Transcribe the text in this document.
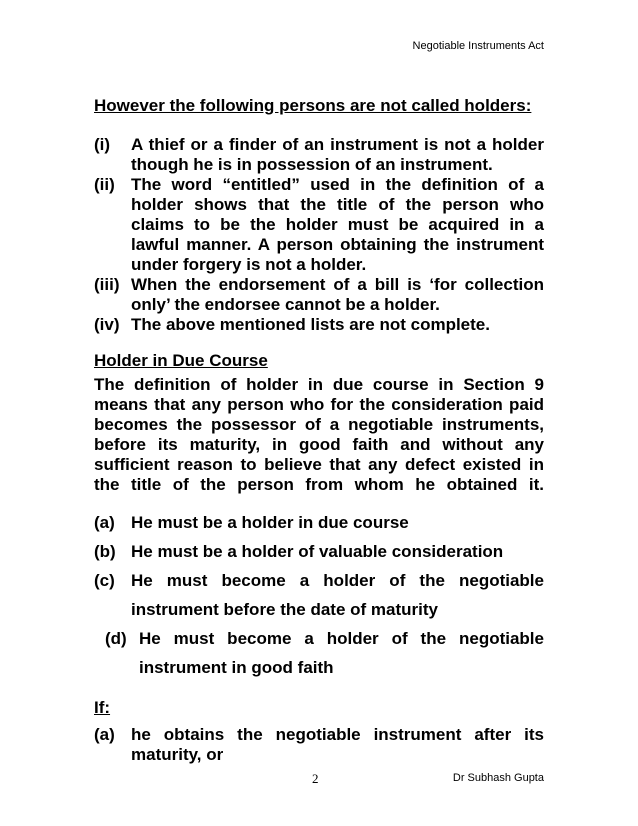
Negotiable Instruments Act
However the following persons are not called holders:
(i)	A thief or a finder of an instrument is not a holder though he is in possession of an instrument.
(ii) The word “entitled” used in the definition of a holder shows that the title of the person who claims to be the holder must be acquired in a lawful manner. A person obtaining the instrument under forgery is not a holder.
(iii) When the endorsement of a bill is ‘for collection only’ the endorsee cannot be a holder.
(iv) The above mentioned lists are not complete.
Holder in Due Course

The definition of holder in due course in Section 9 means that any person who for the consideration paid becomes the possessor of a negotiable instruments, before its maturity, in good faith and without any sufficient reason to believe that any defect existed in the title of the person from whom he obtained it.

(a) He must be a holder in due course
(b) He must be a holder of valuable consideration
(c) He must become a holder of the negotiable instrument before the date of maturity
(d) He must become a holder of the negotiable instrument in good faith
If:
(a) he obtains the negotiable instrument after its maturity, or
2	Dr Subhash Gupta
